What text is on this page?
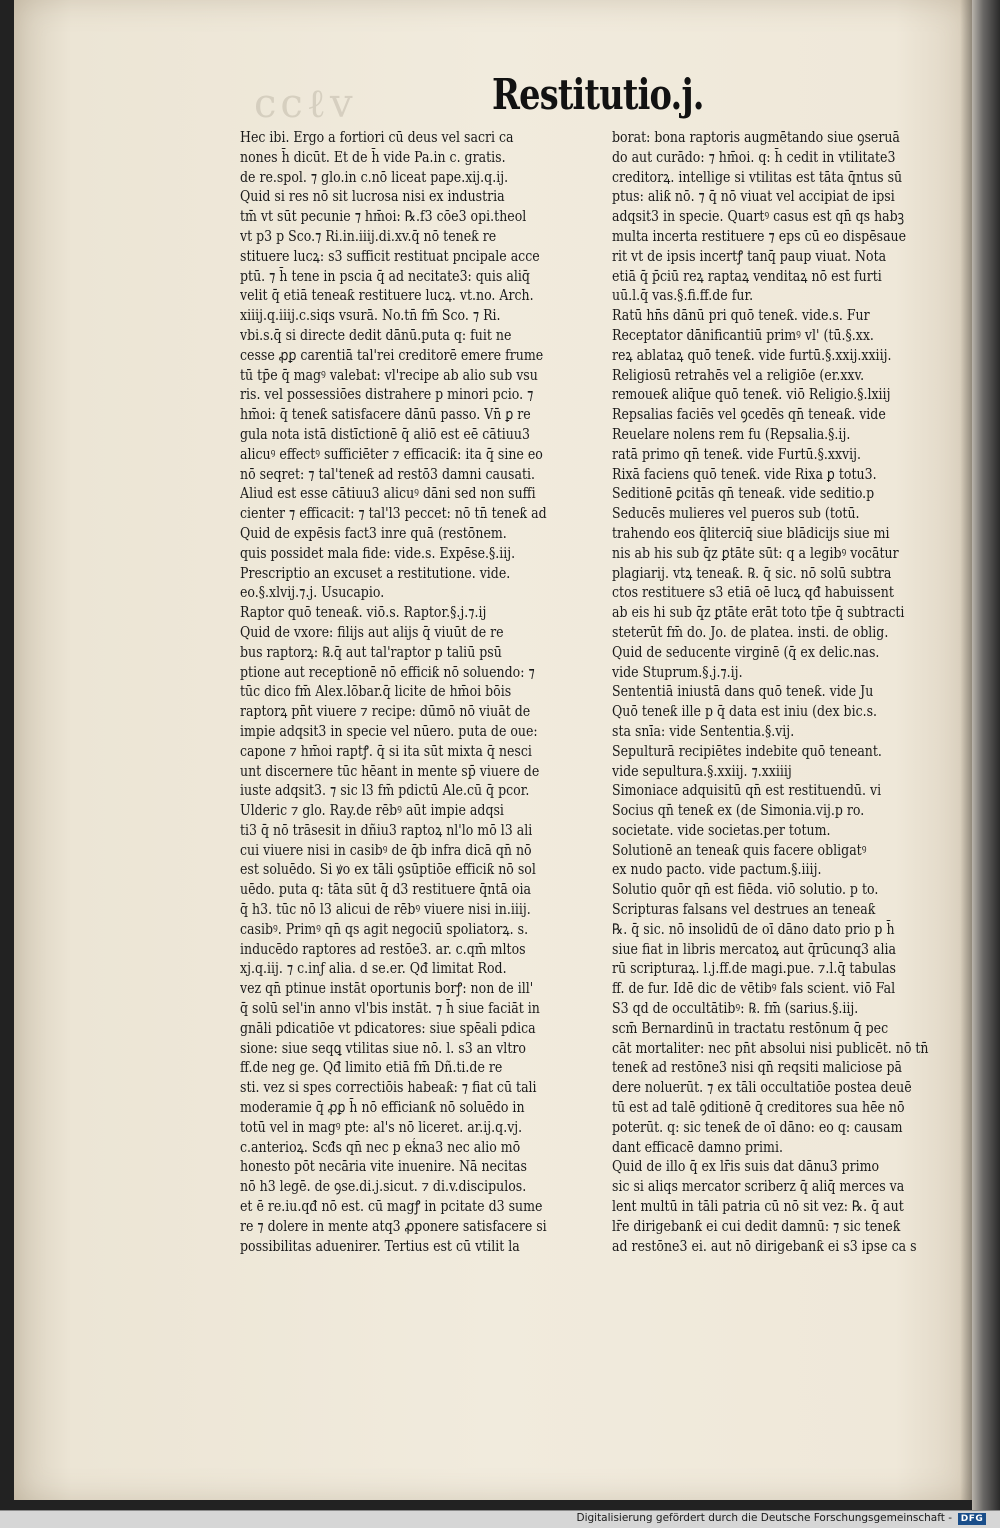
ccℓv	Restitutio.j.
Hec ibi. Ergo a fortiori cū deus vel sacri ca
nones h̄ dicūt. Et de h̄ vide Pa.in c. gratis.
de re.spol. ⁊ glo.in c.nō liceat pape.xij.q.ij.
Quid si res nō sit lucrosa nisi ex industria
tm̄ vt sūt pecunie ⁊ hm̄oi: ℞.f3 cōe3 opi.theol
vt p3 p Sco.⁊ Ri.in.iiij.di.xv.q̄ nō teneƙ re
stituere lucꝝ: s3 sufficit restituat pncipale acce
ptū. ⁊ h̄ tene in pscia q̄ ad necitate3: quis aliq̄
velit q̄ etiā teneaƙ restituere lucꝝ. vt.no. Arch.
xiiij.q.iiij.c.siqs vsurā. No.tn̄ fm̄ Sco. ⁊ Ri.
vbi.s.q̄ si directe dedit dānū.puta q: fuit ne
cesse ꝓꝑ carentiā tal'rei creditorē emere frume
tū tp̄e q̄ magꝰ valebat: vl'recipe ab alio sub vsu
ris. vel possessiōes distrahere p minori pcio. ⁊
hm̄oi: q̄ teneƙ satisfacere dānū passo. Vn̄ ꝑ re
gula nota istā distīctionē q̄ aliō est eē cātiuu3
alicuꝰ effectꝰ sufficiēter ⁊ efficaciƙ: ita q̄ sine eo
nō seqret: ⁊ tal'teneƙ ad restō3 damni causati.
Aliud est esse cātiuu3 alicuꝰ dāni sed non suffi
cienter ⁊ efficacit: ⁊ tal'l3 peccet: nō tn̄ teneƙ ad
Quid de expēsis fact3 inre quā (restōnem.
quis possidet mala fide: vide.s. Expēse.§.iij.
Prescriptio an excuset a restitutione. vide.
eo.§.xlvij.⁊.j. Usucapio.
Raptor quō teneaƙ. viō.s. Raptor.§.j.⁊.ij
Quid de vxore: filijs aut alijs q̄ viuūt de re
bus raptorꝝ: ℞.q̄ aut tal'raptor p taliū psū
ptione aut receptionē nō efficiƙ nō soluendo: ⁊
tūc dico fm̄ Alex.lōbar.q̄ licite de hm̄oi bōis
raptorꝝ pn̄t viuere ⁊ recipe: dūmō nō viuāt de
impie adqsit3 in specie vel nūero. puta de oue:
capone ⁊ hm̄oi raptꝭ. q̄ si ita sūt mixta q̄ nesci
unt discernere tūc hēant in mente sp̄ viuere de
iuste adqsit3. ⁊ sic l3 fm̄ pdictū Ale.cū q̄ pcor.
Ulderic ⁊ glo. Ray.de rēbꝰ aūt impie adqsi
ti3 q̄ nō trāsesit in dñiu3 raptoꝝ nl'lo mō l3 ali
cui viuere nisi in casibꝰ de q̄b infra dicā qn̄ nō
est soluēdo. Si ꝟo ex tāli ꝯsūptiōe efficiƙ nō sol
uēdo. puta q: tāta sūt q̄ d3 restituere q̄ntā oia
q̄ h3. tūc nō l3 alicui de rēbꝰ viuere nisi in.iiij.
casibꝰ. Primꝰ qn̄ qs agit negociū spoliatorꝝ. s.
inducēdo raptores ad restōe3. ar. c.qm̄ mltos
xj.q.iij. ⁊ c.inƒ alia. d se.er. Qđ limitat Rod.
vez qn̄ ptinue instāt oportunis borꝭ: non de ill'
q̄ solū sel'in anno vl'bis instāt. ⁊ h̄ siue faciāt in
gnāli pdicatiōe vt pdicatores: siue spēali pdica
sione: siue seqꝗ vtilitas siue nō. l. s3 an vltro
ff.de neg ge. Qđ limito etiā fm̄ Dñ.ti.de re
sti. vez si spes correctiōis habeaƙ: ⁊ fiat cū tali
moderamie q̄ ꝓꝑ h̄ nō efficianƙ nō soluēdo in
totū vel in magꝰ pte: al's nō liceret. ar.ij.q.vj.
c.anterioꝝ. Scđs qn̄ nec p eḱna3 nec alio mō
honesto pōt necāria vite inuenire. Nā necitas
nō h3 legē. de ꝯse.di.j.sicut. ⁊ di.v.discipulos.
et ē re.iu.qđ nō est. cū magꝭ in pcitate d3 sume
re ⁊ dolere in mente atq3 ꝓponere satisfacere si
possibilitas aduenirer. Tertius est cū vtilit la
borat: bona raptoris augmētando siue ꝯseruā
do aut curādo: ⁊ hm̄oi. q: h̄ cedit in vtilitate3
creditorꝝ. intellige si vtilitas est tāta q̄ntus sū
ptus: aliƙ nō. ⁊ q̄ nō viuat vel accipiat de ipsi
adqsit3 in specie. Quartꝰ casus est qn̄ qs habꝫ
multa incerta restituere ⁊ eps cū eo dispēsaue
rit vt de ipsis incertꝭ tanq̄ paup viuat. Nota
etiā q̄ p̄ciū reꝝ raptaꝝ venditaꝝ nō est furti
uū.l.q̄ vas.§.fi.ff.de fur.
Ratū hn̄s dānū pri quō teneƙ. vide.s. Fur
Receptator dānificantiū primꝰ vl' (tū.§.xx.
reꝝ ablataꝝ quō teneƙ. vide furtū.§.xxij.xxiij.
Religiosū retrahēs vel a religiōe (er.xxv.
remoueƙ aliq̄ue quō teneƙ. viō Religio.§.lxiij
Repsalias faciēs vel ꝯcedēs qn̄ teneaƙ. vide
Reuelare nolens rem fu (Repsalia.§.ij.
ratā primo qn̄ teneƙ. vide Furtū.§.xxvij.
Rixā faciens quō teneƙ. vide Rixa ꝑ totu3.
Seditionē ꝑcitās qn̄ teneaƙ. vide seditio.p
Seducēs mulieres vel pueros sub (totū.
trahendo eos q̄literciq̄ siue blādicijs siue mi
nis ab his sub q̄z ꝑtāte sūt: q a legibꝰ vocātur
plagiarij. vtꝝ teneaƙ. ℞. q̄ sic. nō solū subtra
ctos restituere s3 etiā oē lucꝝ qđ habuissent
ab eis hi sub q̄z ꝑtāte erāt toto tp̄e q̄ subtracti
steterūt fm̄ do. Jo. de platea. insti. de oblig.
Quid de seducente virginē (q̄ ex delic.nas.
vide Stuprum.§.j.⁊.ij.
Sententiā iniustā dans quō teneƙ. vide Ju
Quō teneƙ ille p q̄ data est iniu (dex bic.s.
sta snīa: vide Sententia.§.vij.
Sepulturā recipiētes indebite quō teneant.
vide sepultura.§.xxiij. ⁊.xxiiij
Simoniace adquisitū qn̄ est restituendū. vi
Socius qn̄ teneƙ ex (de Simonia.vij.p ro.
societate. vide societas.per totum.
Solutionē an teneaƙ quis facere obligatꝰ
ex nudo pacto. vide pactum.§.iiij.
Solutio quōr qn̄ est fiēda. viō solutio. p to.
Scripturas falsans vel destrues an teneaƙ
℞. q̄ sic. nō insolidū de oī dāno dato prio p h̄
siue fiat in libris mercatoꝝ aut q̄rūcunq3 alia
rū scripturaꝝ. l.j.ff.de magi.pue. ⁊.l.q̄ tabulas
ff. de fur. Idē dic de vētibꝰ fals scient. viō Fal
S3 qd de occultātibꝰ: ℞. fm̄ (sarius.§.iij.
scm̄ Bernardinū in tractatu restōnum q̄ pec
cāt mortaliter: nec pn̄t absolui nisi publicēt. nō tn̄
teneƙ ad restōne3 nisi qn̄ reqsiti maliciose pā
dere noluerūt. ⁊ ex tāli occultatiōe postea deuē
tū est ad talē ꝯditionē q̄ creditores sua hēe nō
poterūt. q: sic teneƙ de oī dāno: eo q: causam
dant efficacē damno primi.
Quid de illo q̄ ex lr̄is suis dat dānu3 primo
sic si aliqs mercator scriberz q̄ aliq̄ merces va
lent multū in tāli patria cū nō sit vez: ℞. q̄ aut
lr̄e dirigebanƙ ei cui dedit damnū: ⁊ sic teneƙ
ad restōne3 ei. aut nō dirigebanƙ ei s3 ipse ca s
Digitalisierung gefördert durch die Deutsche Forschungsgemeinschaft - DFG
